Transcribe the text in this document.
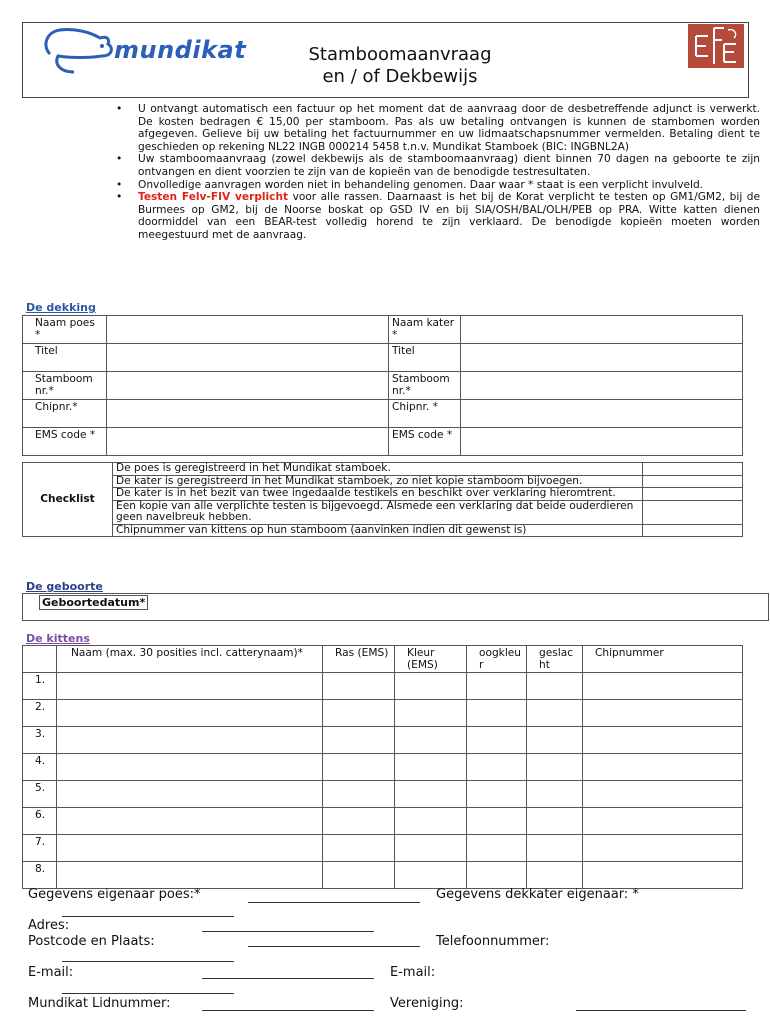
mundikat	Stamboomaanvraag
en / of Dekbewijs
• U ontvangt automatisch een factuur op het moment dat de aanvraag door de desbetreffende adjunct is verwerkt. De kosten bedragen € 15,00 per stamboom. Pas als uw betaling ontvangen is kunnen de stambomen worden afgegeven. Gelieve bij uw betaling het factuurnummer en uw lidmaatschapsnummer vermelden. Betaling dient te geschieden op rekening NL22 INGB 000214 5458 t.n.v. Mundikat Stamboek (BIC: INGBNL2A)
• Uw stamboomaanvraag (zowel dekbewijs als de stamboomaanvraag) dient binnen 70 dagen na geboorte te zijn ontvangen en dient voorzien te zijn van de kopieën van de benodigde testresultaten.
• Onvolledige aanvragen worden niet in behandeling genomen. Daar waar * staat is een verplicht invulveld.
• Testen Felv-FIV verplicht voor alle rassen. Daarnaast is het bij de Korat verplicht te testen op GM1/GM2, bij de Burmees op GM2, bij de Noorse boskat op GSD IV en bij SIA/OSH/BAL/OLH/PEB op PRA. Witte katten dienen doormiddel van een BEAR-test volledig horend te zijn verklaard. De benodigde kopieën moeten worden meegestuurd met de aanvraag.
De dekking
Naam poes *		Naam kater *	
Titel		Titel	
Stamboom nr.*		Stamboom nr.*	
Chipnr.*		Chipnr. *	
EMS code *		EMS code *	
Checklist	De poes is geregistreerd in het Mundikat stamboek.	
	De kater is geregistreerd in het Mundikat stamboek, zo niet kopie stamboom bijvoegen.	
	De kater is in het bezit van twee ingedaalde testikels en beschikt over verklaring hieromtrent.	
	Een kopie van alle verplichte testen is bijgevoegd. Alsmede een verklaring dat beide ouderdieren geen navelbreuk hebben.	
	Chipnummer van kittens op hun stamboom (aanvinken indien dit gewenst is)	
De geboorte
Geboortedatum*
De kittens
	Naam (max. 30 posities incl. catterynaam)*	Ras (EMS)	Kleur (EMS)	oogkleur	geslacht	Chipnummer
1.						
2.						
3.						
4.						
5.						
6.						
7.						
8.						
Gegevens eigenaar poes:*	Gegevens dekkater eigenaar: *
Adres:
Postcode en Plaats:	Telefoonnummer:
E-mail:	E-mail:
Mundikat Lidnummer:	Vereniging:
